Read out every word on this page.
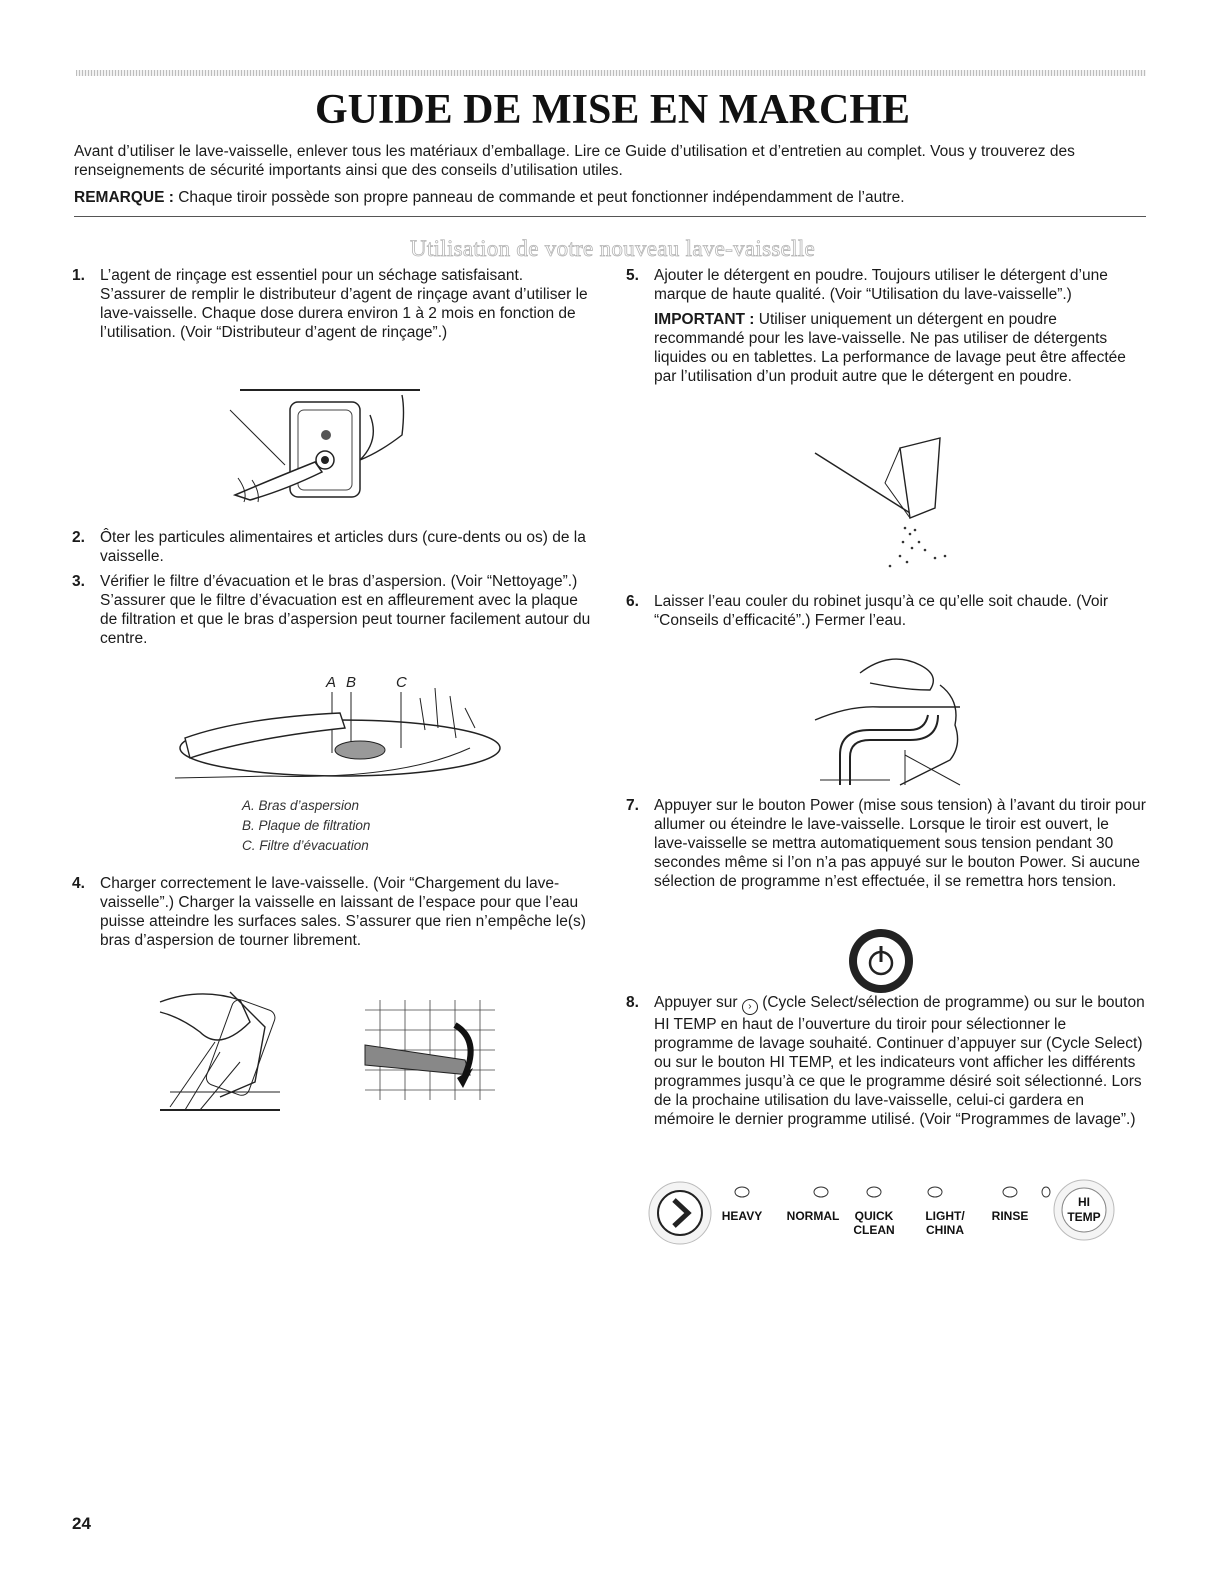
GUIDE DE MISE EN MARCHE

Avant d’utiliser le lave-vaisselle, enlever tous les matériaux d’emballage. Lire ce Guide d’utilisation et d’entretien au complet. Vous y trouverez des renseignements de sécurité importants ainsi que des conseils d’utilisation utiles.

REMARQUE : Chaque tiroir possède son propre panneau de commande et peut fonctionner indépendamment de l’autre.

Utilisation de votre nouveau lave-vaisselle

1. L’agent de rinçage est essentiel pour un séchage satisfaisant. S’assurer de remplir le distributeur d’agent de rinçage avant d’utiliser le lave-vaisselle. Chaque dose durera environ 1 à 2 mois en fonction de l’utilisation. (Voir “Distributeur d’agent de rinçage”.)

2. Ôter les particules alimentaires et articles durs (cure-dents ou os) de la vaisselle.

3. Vérifier le filtre d’évacuation et le bras d’aspersion. (Voir “Nettoyage”.) S’assurer que le filtre d’évacuation est en affleurement avec la plaque de filtration et que le bras d’aspersion peut tourner facilement autour du centre.

A B	C
A. Bras d’aspersion
B. Plaque de filtration
C. Filtre d’évacuation
4. Charger correctement le lave-vaisselle. (Voir “Chargement du lave-vaisselle”.) Charger la vaisselle en laissant de l’espace pour que l’eau puisse atteindre les surfaces sales. S’assurer que rien n’empêche le(s) bras d’aspersion de tourner librement.

5. Ajouter le détergent en poudre. Toujours utiliser le détergent d’une marque de haute qualité. (Voir “Utilisation du lave-vaisselle”.)

IMPORTANT : Utiliser uniquement un détergent en poudre recommandé pour les lave-vaisselle. Ne pas utiliser de détergents liquides ou en tablettes. La performance de lavage peut être affectée par l’utilisation d’un produit autre que le détergent en poudre.

6. Laisser l’eau couler du robinet jusqu’à ce qu’elle soit chaude. (Voir “Conseils d’efficacité”.) Fermer l’eau.

7. Appuyer sur le bouton Power (mise sous tension) à l’avant du tiroir pour allumer ou éteindre le lave-vaisselle. Lorsque le tiroir est ouvert, le lave-vaisselle se mettra automatiquement sous tension pendant 30 secondes même si l’on n’a pas appuyé sur le bouton Power. Si aucune sélection de programme n’est effectuée, il se remettra hors tension.

8. Appuyer sur › (Cycle Select/sélection de programme) ou sur le bouton HI TEMP en haut de l’ouverture du tiroir pour sélectionner le programme de lavage souhaité. Continuer d’appuyer sur (Cycle Select) ou sur le bouton HI TEMP, et les indicateurs vont afficher les différents programmes jusqu’à ce que le programme désiré soit sélectionné. Lors de la prochaine utilisation du lave-vaisselle, celui-ci gardera en mémoire le dernier programme utilisé. (Voir “Programmes de lavage”.)

HEAVY NORMAL QUICK
CLEAN
LIGHT/
CHINA
RINSE
HI
TEMP
24
